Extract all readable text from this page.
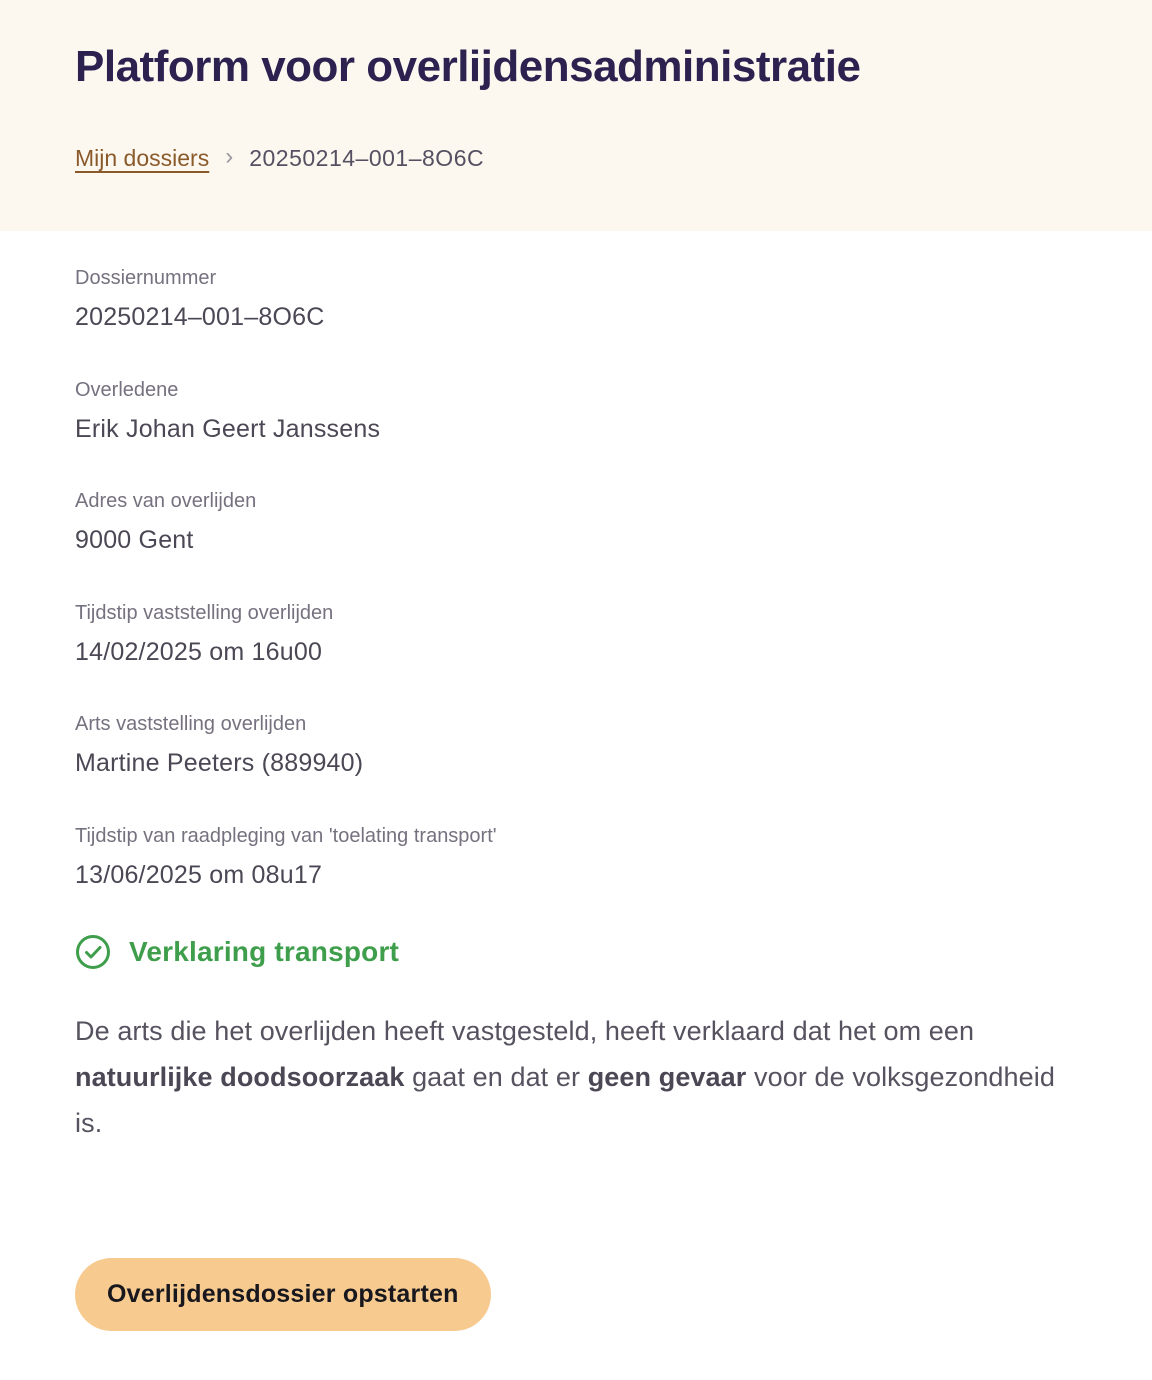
Platform voor overlijdensadministratie
Mijn dossiers › 20250214–001–8O6C
Dossiernummer
20250214–001–8O6C
Overledene
Erik Johan Geert Janssens
Adres van overlijden
9000 Gent
Tijdstip vaststelling overlijden
14/02/2025 om 16u00
Arts vaststelling overlijden
Martine Peeters (889940)
Tijdstip van raadpleging van 'toelating transport'
13/06/2025 om 08u17
Verklaring transport

De arts die het overlijden heeft vastgesteld, heeft verklaard dat het om een natuurlijke doodsoorzaak gaat en dat er geen gevaar voor de volksgezondheid is.

Overlijdensdossier opstarten
